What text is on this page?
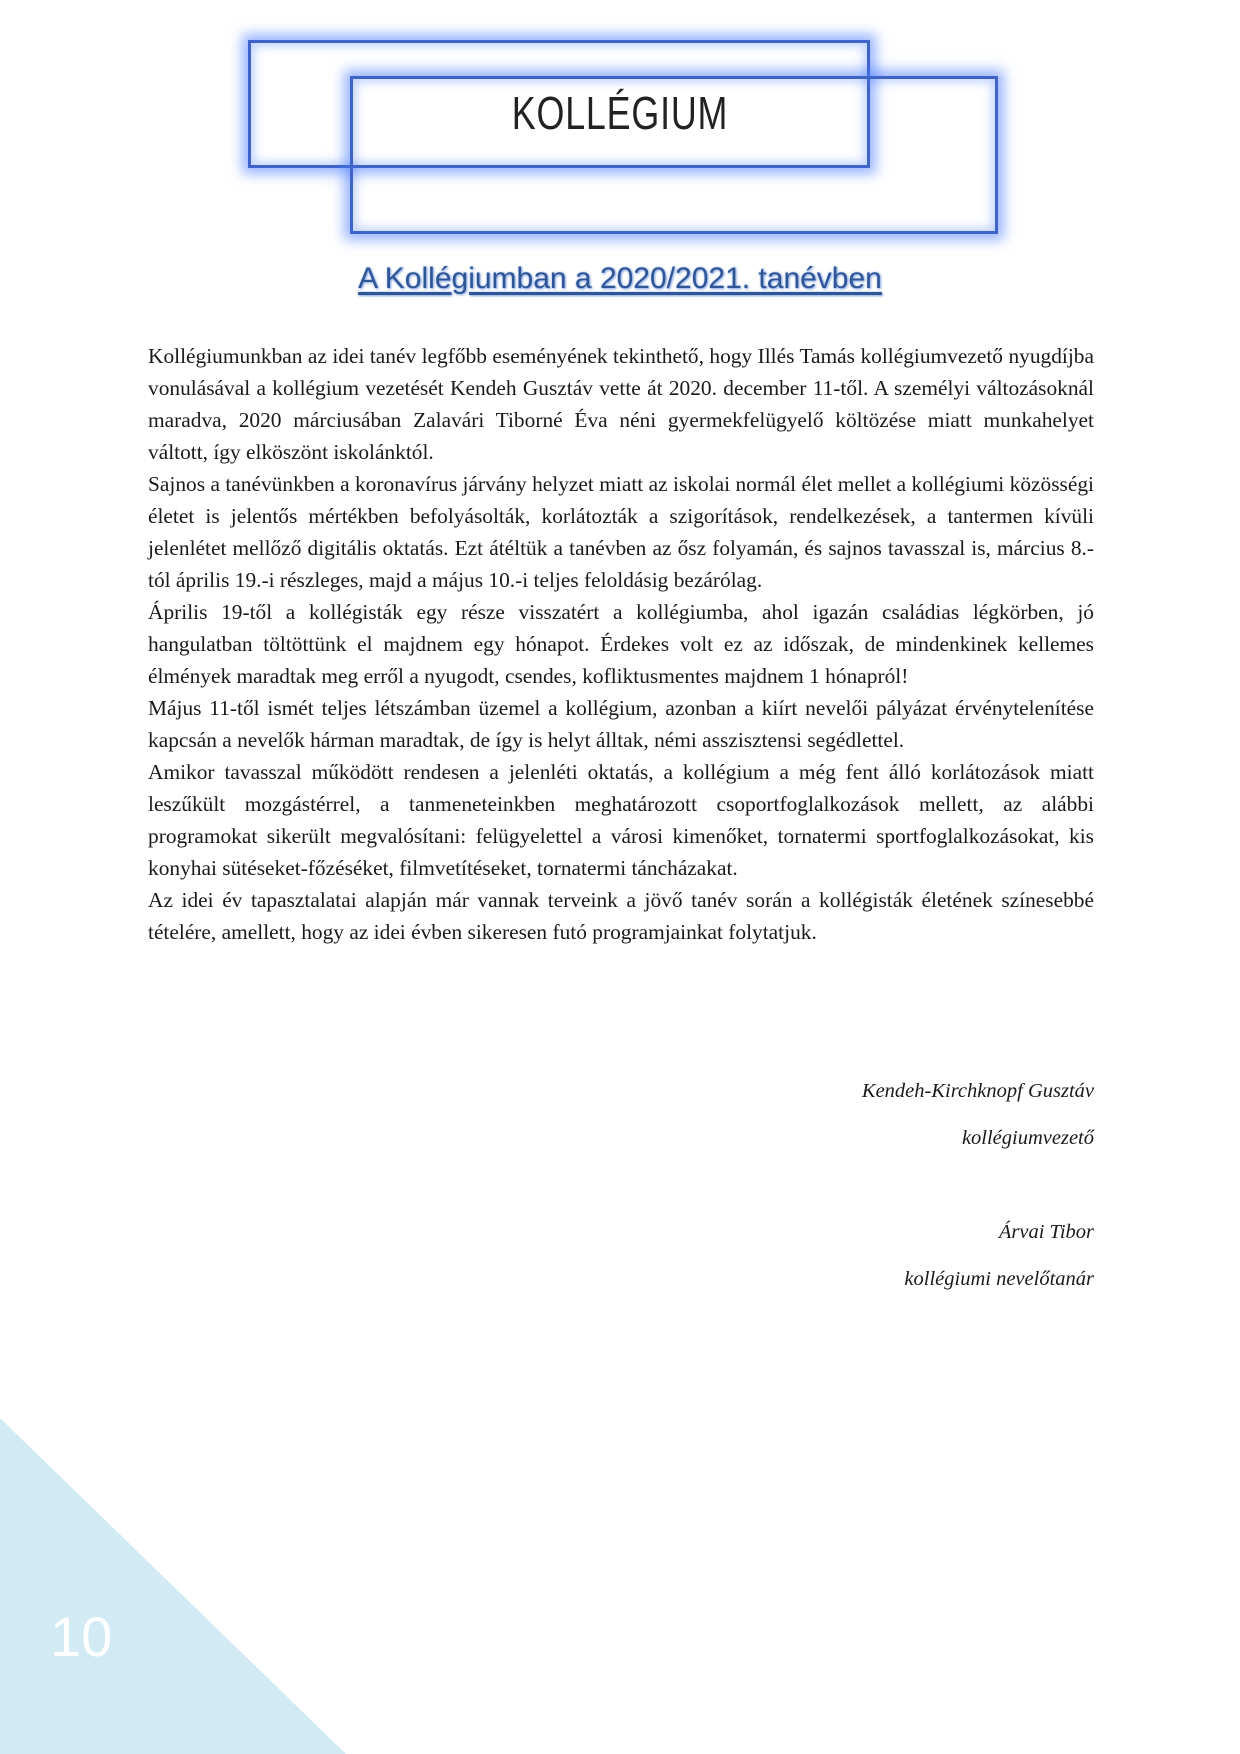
KOLLÉGIUM
A Kollégiumban a 2020/2021. tanévben

Kollégiumunkban az idei tanév legfőbb eseményének tekinthető, hogy Illés Tamás kollégiumvezető nyugdíjba vonulásával a kollégium vezetését Kendeh Gusztáv vette át 2020. december 11-től. A személyi változásoknál maradva, 2020 márciusában Zalavári Tiborné Éva néni gyermekfelügyelő költözése miatt munkahelyet váltott, így elköszönt iskolánktól.

Sajnos a tanévünkben a koronavírus járvány helyzet miatt az iskolai normál élet mellet a kollégiumi közösségi életet is jelentős mértékben befolyásolták, korlátozták a szigorítások, rendelkezések, a tantermen kívüli jelenlétet mellőző digitális oktatás. Ezt átéltük a tanévben az ősz folyamán, és sajnos tavasszal is, március 8.-tól április 19.-i részleges, majd a május 10.-i teljes feloldásig bezárólag.

Április 19-től a kollégisták egy része visszatért a kollégiumba, ahol igazán családias légkörben, jó hangulatban töltöttünk el majdnem egy hónapot. Érdekes volt ez az időszak, de mindenkinek kellemes élmények maradtak meg erről a nyugodt, csendes, kofliktusmentes majdnem 1 hónapról!

Május 11-től ismét teljes létszámban üzemel a kollégium, azonban a kiírt nevelői pályázat érvénytelenítése kapcsán a nevelők hárman maradtak, de így is helyt álltak, némi asszisztensi segédlettel.

Amikor tavasszal működött rendesen a jelenléti oktatás, a kollégium a még fent álló korlátozások miatt leszűkült mozgástérrel, a tanmeneteinkben meghatározott csoportfoglalkozások mellett, az alábbi programokat sikerült megvalósítani: felügyelettel a városi kimenőket, tornatermi sportfoglalkozásokat, kis konyhai sütéseket-főzéséket, filmvetítéseket, tornatermi táncházakat.

Az idei év tapasztalatai alapján már vannak terveink a jövő tanév során a kollégisták életének színesebbé tételére, amellett, hogy az idei évben sikeresen futó programjainkat folytatjuk.

Kendeh-Kirchknopf Gusztáv
kollégiumvezető
Árvai Tibor
kollégiumi nevelőtanár
10
